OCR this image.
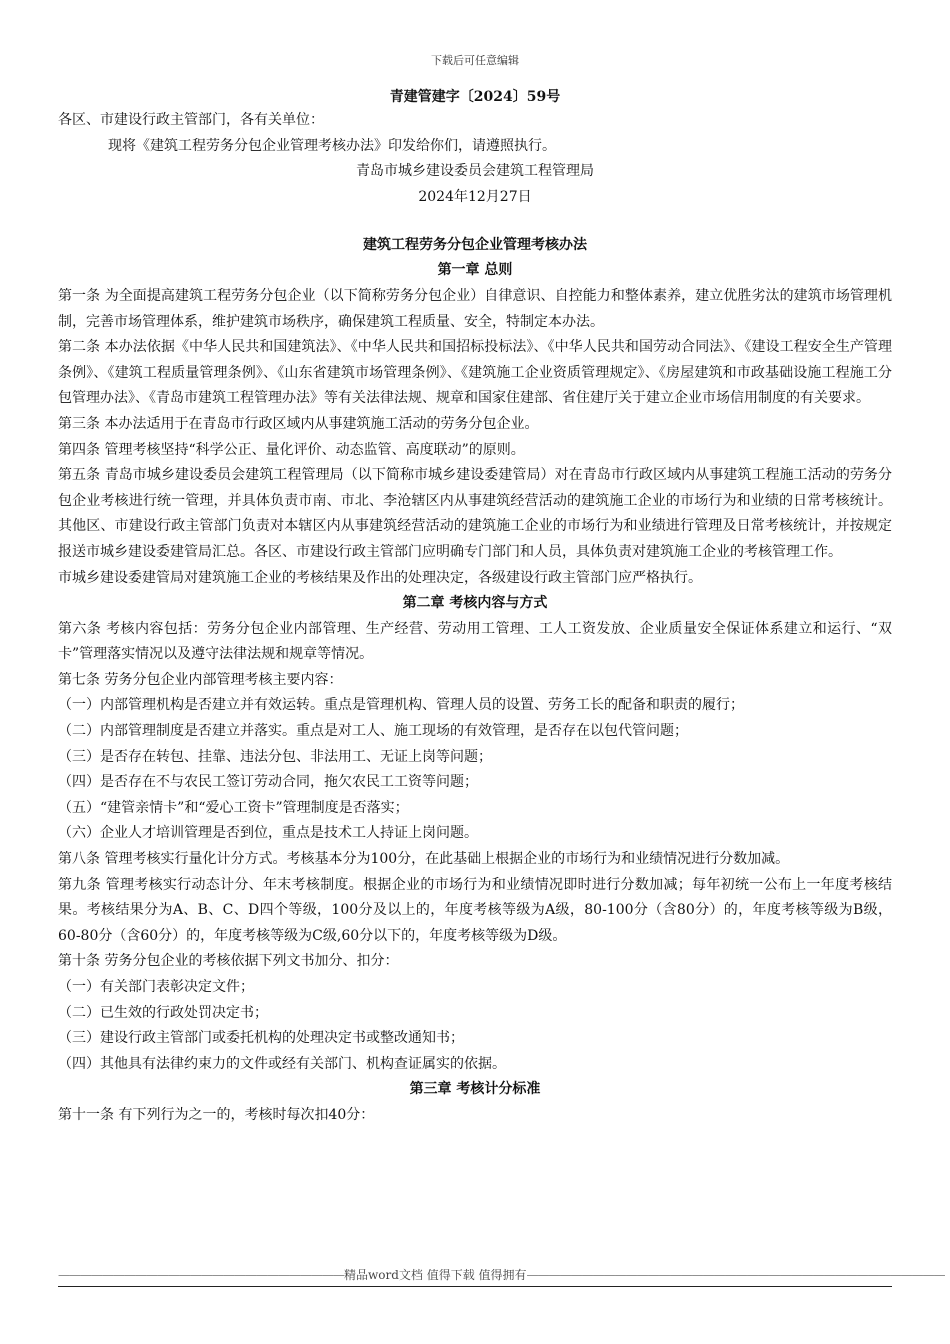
下载后可任意编辑
青建管建字〔2024〕59号

各区、市建设行政主管部门，各有关单位：

现将《建筑工程劳务分包企业管理考核办法》印发给你们，请遵照执行。

青岛市城乡建设委员会建筑工程管理局

2024年12月27日

建筑工程劳务分包企业管理考核办法
第一章 总则

第一条 为全面提高建筑工程劳务分包企业（以下简称劳务分包企业）自律意识、自控能力和整体素养，建立优胜劣汰的建筑市场管理机制，完善市场管理体系，维护建筑市场秩序，确保建筑工程质量、安全，特制定本办法。

第二条 本办法依据《中华人民共和国建筑法》、《中华人民共和国招标投标法》、《中华人民共和国劳动合同法》、《建设工程安全生产管理条例》、《建筑工程质量管理条例》、《山东省建筑市场管理条例》、《建筑施工企业资质管理规定》、《房屋建筑和市政基础设施工程施工分包管理办法》、《青岛市建筑工程管理办法》等有关法律法规、规章和国家住建部、省住建厅关于建立企业市场信用制度的有关要求。

第三条 本办法适用于在青岛市行政区域内从事建筑施工活动的劳务分包企业。

第四条 管理考核坚持“科学公正、量化评价、动态监管、高度联动”的原则。

第五条 青岛市城乡建设委员会建筑工程管理局（以下简称市城乡建设委建管局）对在青岛市行政区域内从事建筑工程施工活动的劳务分包企业考核进行统一管理，并具体负责市南、市北、李沧辖区内从事建筑经营活动的建筑施工企业的市场行为和业绩的日常考核统计。其他区、市建设行政主管部门负责对本辖区内从事建筑经营活动的建筑施工企业的市场行为和业绩进行管理及日常考核统计，并按规定报送市城乡建设委建管局汇总。各区、市建设行政主管部门应明确专门部门和人员，具体负责对建筑施工企业的考核管理工作。

市城乡建设委建管局对建筑施工企业的考核结果及作出的处理决定，各级建设行政主管部门应严格执行。

第二章 考核内容与方式

第六条 考核内容包括：劳务分包企业内部管理、生产经营、劳动用工管理、工人工资发放、企业质量安全保证体系建立和运行、“双卡”管理落实情况以及遵守法律法规和规章等情况。

第七条 劳务分包企业内部管理考核主要内容：

（一）内部管理机构是否建立并有效运转。重点是管理机构、管理人员的设置、劳务工长的配备和职责的履行；

（二）内部管理制度是否建立并落实。重点是对工人、施工现场的有效管理，是否存在以包代管问题；

（三）是否存在转包、挂靠、违法分包、非法用工、无证上岗等问题；

（四）是否存在不与农民工签订劳动合同，拖欠农民工工资等问题；

（五）“建管亲情卡”和“爱心工资卡”管理制度是否落实；

（六）企业人才培训管理是否到位，重点是技术工人持证上岗问题。

第八条 管理考核实行量化计分方式。考核基本分为100分，在此基础上根据企业的市场行为和业绩情况进行分数加减。

第九条 管理考核实行动态计分、年末考核制度。根据企业的市场行为和业绩情况即时进行分数加减；每年初统一公布上一年度考核结果。考核结果分为A、B、C、D四个等级，100分及以上的，年度考核等级为A级，80-100分（含80分）的，年度考核等级为B级，60-80分（含60分）的，年度考核等级为C级,60分以下的，年度考核等级为D级。

第十条 劳务分包企业的考核依据下列文书加分、扣分：

（一）有关部门表彰决定文件；

（二）已生效的行政处罚决定书；

（三）建设行政主管部门或委托机构的处理决定书或整改通知书；

（四）其他具有法律约束力的文件或经有关部门、机构查证属实的依据。

第三章 考核计分标准

第十一条 有下列行为之一的，考核时每次扣40分：

——————————————————————————精品word文档 值得下载 值得拥有——————————————————————————————————————
